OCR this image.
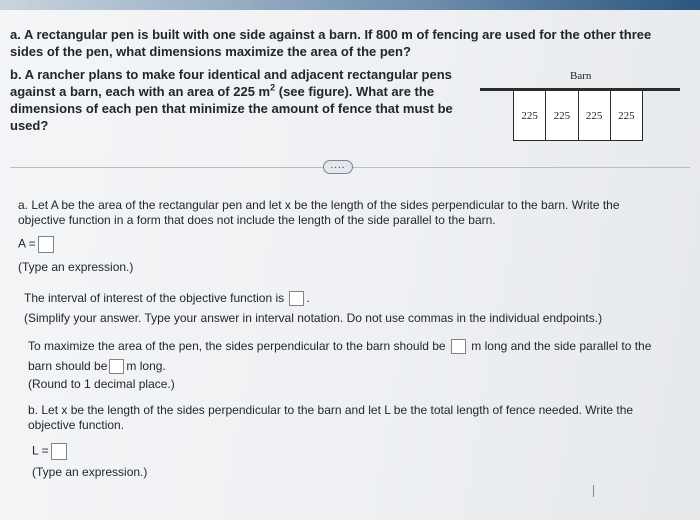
a. A rectangular pen is built with one side against a barn. If 800 m of fencing are used for the other three sides of the pen, what dimensions maximize the area of the pen?
b. A rancher plans to make four identical and adjacent rectangular pens against a barn, each with an area of 225 $m^2$ (see figure). What are the dimensions of each pen that minimize the amount of fence that must be used?
Barn
225	225	225	225
....
a. Let A be the area of the rectangular pen and let x be the length of the sides perpendicular to the barn. Write the objective function in a form that does not include the length of the side parallel to the barn.
A =
(Type an expression.)
The interval of interest of the objective function is .
(Simplify your answer. Type your answer in interval notation. Do not use commas in the individual endpoints.)
To maximize the area of the pen, the sides perpendicular to the barn should be m long and the side parallel to the
barn should be m long.
(Round to 1 decimal place.)
b. Let x be the length of the sides perpendicular to the barn and let L be the total length of fence needed. Write the objective function.
L =
(Type an expression.)
